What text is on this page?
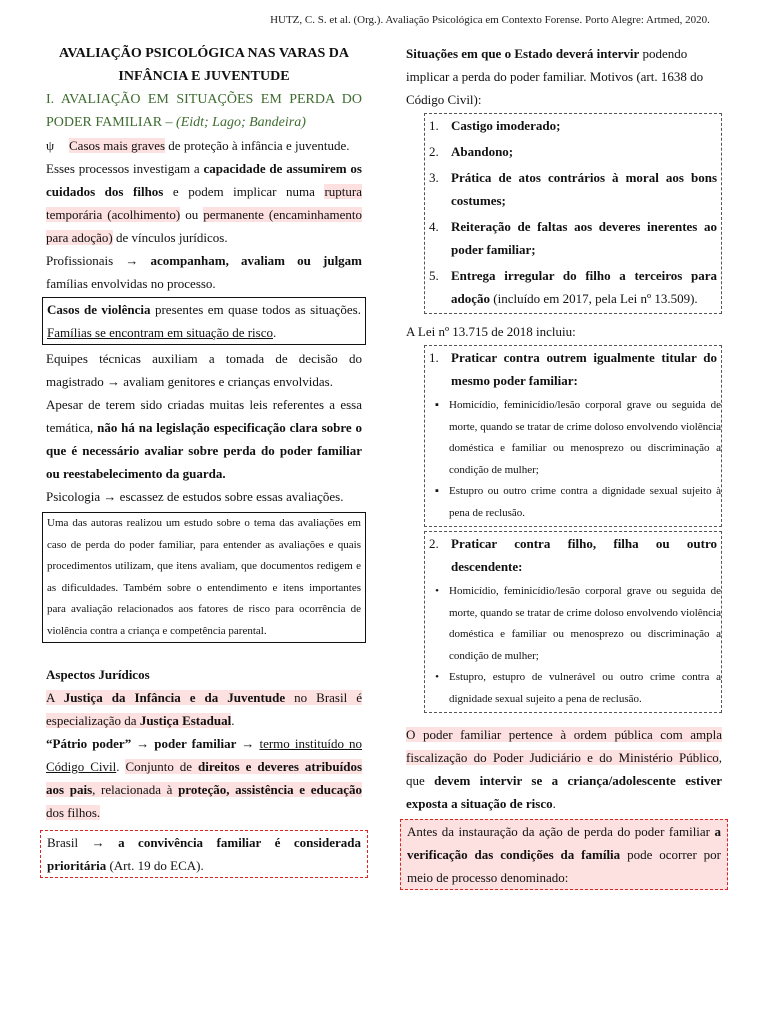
HUTZ, C. S. et al. (Org.). Avaliação Psicológica em Contexto Forense. Porto Alegre: Artmed, 2020.
AVALIAÇÃO PSICOLÓGICA NAS VARAS DA
INFÂNCIA E JUVENTUDE

I. AVALIAÇÃO EM SITUAÇÕES EM PERDA DO PODER FAMILIAR – (Eidt; Lago; Bandeira)

ψ	Casos mais graves de proteção à infância e juventude.

Esses processos investigam a capacidade de assumirem os cuidados dos filhos e podem implicar numa ruptura temporária (acolhimento) ou permanente (encaminhamento para adoção) de vínculos jurídicos.

Profissionais → acompanham, avaliam ou julgam famílias envolvidas no processo.

Casos de violência presentes em quase todos as situações. Famílias se encontram em situação de risco.

Equipes técnicas auxiliam a tomada de decisão do magistrado → avaliam genitores e crianças envolvidas.

Apesar de terem sido criadas muitas leis referentes a essa temática, não há na legislação especificação clara sobre o que é necessário avaliar sobre perda do poder familiar ou reestabelecimento da guarda.

Psicologia → escassez de estudos sobre essas avaliações.

Uma das autoras realizou um estudo sobre o tema das avaliações em caso de perda do poder familiar, para entender as avaliações e quais procedimentos utilizam, que itens avaliam, que documentos redigem e as dificuldades. Também sobre o entendimento e itens importantes para avaliação relacionados aos fatores de risco para ocorrência de violência contra a criança e competência parental.

Aspectos Jurídicos

A Justiça da Infância e da Juventude no Brasil é especialização da Justiça Estadual.

“Pátrio poder” → poder familiar → termo instituído no Código Civil. Conjunto de direitos e deveres atribuídos aos pais, relacionada à proteção, assistência e educação dos filhos.

Brasil → a convivência familiar é considerada prioritária (Art. 19 do ECA).

Situações em que o Estado deverá intervir podendo implicar a perda do poder familiar. Motivos (art. 1638 do Código Civil):

1. Castigo imoderado;
2. Abandono;
3. Prática de atos contrários à moral aos bons costumes;
4. Reiteração de faltas aos deveres inerentes ao poder familiar;
5. Entrega irregular do filho a terceiros para adoção (incluído em 2017, pela Lei nº 13.509).

A Lei nº 13.715 de 2018 incluiu:

1. Praticar contra outrem igualmente titular do mesmo poder familiar:
▪ Homicídio, feminicídio/lesão corporal grave ou seguida de morte, quando se tratar de crime doloso envolvendo violência doméstica e familiar ou menosprezo ou discriminação a condição de mulher;
▪ Estupro ou outro crime contra a dignidade sexual sujeito à pena de reclusão.
2. Praticar contra filho, filha ou outro descendente:
• Homicídio, feminicídio/lesão corporal grave ou seguida de morte, quando se tratar de crime doloso envolvendo violência doméstica e familiar ou menosprezo ou discriminação a condição de mulher;
• Estupro, estupro de vulnerável ou outro crime contra a dignidade sexual sujeito a pena de reclusão.

O poder familiar pertence à ordem pública com ampla fiscalização do Poder Judiciário e do Ministério Público, que devem intervir se a criança/adolescente estiver exposta a situação de risco.

Antes da instauração da ação de perda do poder familiar a verificação das condições da família pode ocorrer por meio de processo denominado:
